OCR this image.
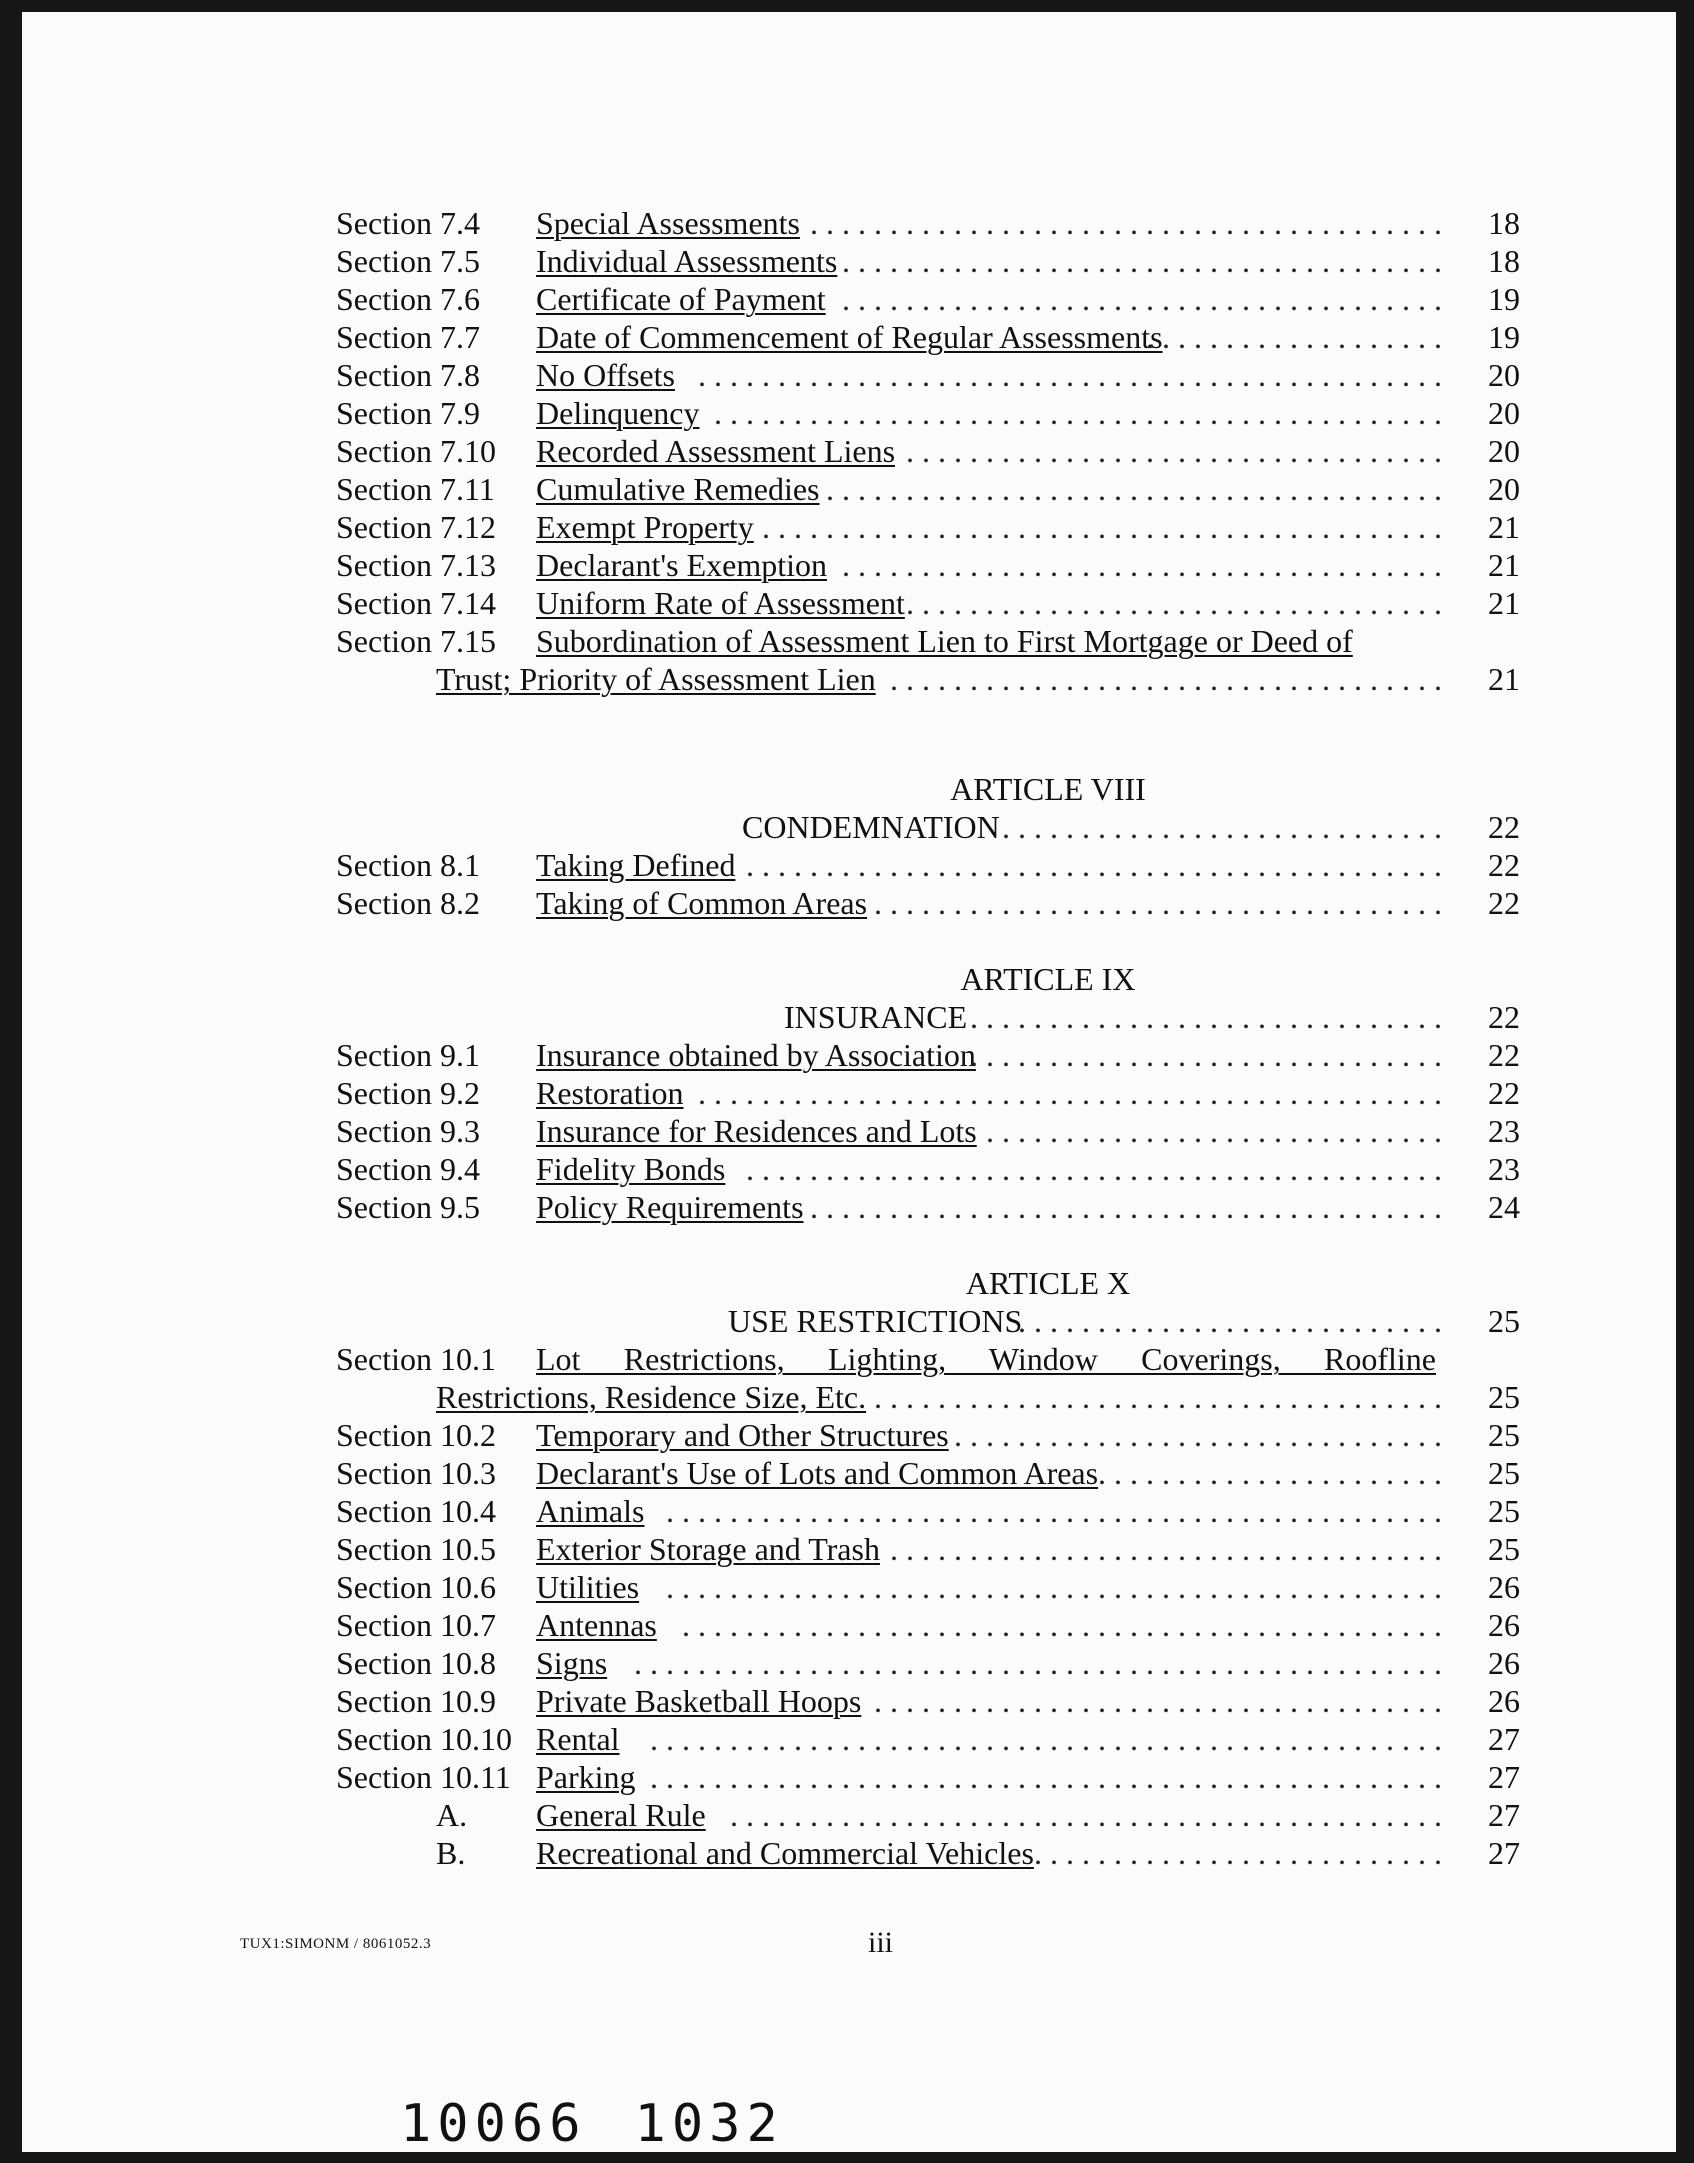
Section 7.4 Special Assessments	18
........................................
Section 7.5 Individual Assessments	18
......................................
Section 7.6 Certificate of Payment	19
......................................
Section 7.7 Date of Commencement of Regular Assessments	19
...................
Section 7.8 No Offsets	20
...............................................
Section 7.9 Delinquency	20
..............................................
Section 7.10 Recorded Assessment Liens	20
..................................
Section 7.11 Cumulative Remedies	20
.......................................
Section 7.12 Exempt Property	21
...........................................
Section 7.13 Declarant's Exemption	21
......................................
Section 7.14 Uniform Rate of Assessment	21
..................................
Section 7.15 Subordination of Assessment Lien to First Mortgage or Deed of
Trust; Priority of Assessment Lien	21
...................................
ARTICLE VIII
CONDEMNATION	22
............................
Section 8.1 Taking Defined	22
............................................
Section 8.2 Taking of Common Areas	22
....................................
ARTICLE IX
INSURANCE	22
..............................
Section 9.1 Insurance obtained by Association	22
..............................
Section 9.2 Restoration	22
...............................................
Section 9.3 Insurance for Residences and Lots	23
.............................
Section 9.4 Fidelity Bonds	23
............................................
Section 9.5 Policy Requirements	24
........................................
ARTICLE X
USE RESTRICTIONS	25
...........................
Section 10.1 Lot Restrictions, Lighting, Window Coverings, Roofline
Restrictions, Residence Size, Etc.	25
....................................
Section 10.2 Temporary and Other Structures	25
...............................
Section 10.3 Declarant's Use of Lots and Common Areas	25
......................
Section 10.4 Animals	25
.................................................
Section 10.5 Exterior Storage and Trash	25
...................................
Section 10.6 Utilities	26
.................................................
Section 10.7 Antennas	26
................................................
Section 10.8 Signs	26
...................................................
Section 10.9 Private Basketball Hoops	26
....................................
Section 10.10 Rental	27
..................................................
Section 10.11 Parking	27
..................................................
A. General Rule	27
.............................................
B. Recreational and Commercial Vehicles	27
..........................
TUX1:SIMONM / 8061052.3	iii
10066 1032
